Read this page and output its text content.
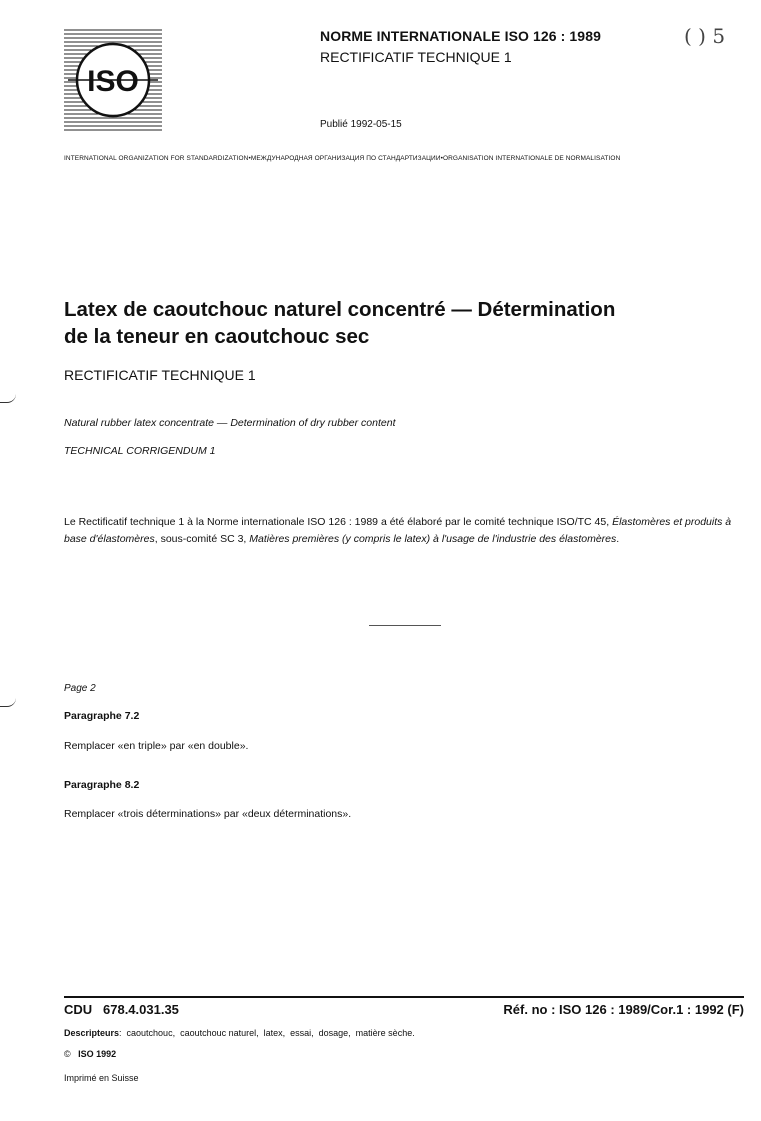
ISO
NORME INTERNATIONALE ISO 126 : 1989
RECTIFICATIF TECHNIQUE 1
( ) 5
Publié 1992-05-15
INTERNATIONAL ORGANIZATION FOR STANDARDIZATION•МЕЖДУНАРОДНАЯ ОРГАНИЗАЦИЯ ПО СТАНДАРТИЗАЦИИ•ORGANISATION INTERNATIONALE DE NORMALISATION
Latex de caoutchouc naturel concentré — Détermination
de la teneur en caoutchouc sec
RECTIFICATIF TECHNIQUE 1
Natural rubber latex concentrate — Determination of dry rubber content
TECHNICAL CORRIGENDUM 1
Le Rectificatif technique 1 à la Norme internationale ISO 126 : 1989 a été élaboré par le comité technique ISO/TC 45, Élastomères et produits à base d'élastomères, sous-comité SC 3, Matières premières (y compris le latex) à l'usage de l'industrie des élastomères.
Page 2
Paragraphe 7.2
Remplacer «en triple» par «en double».
Paragraphe 8.2
Remplacer «trois déterminations» par «deux déterminations».
CDU   678.4.031.35	Réf. no : ISO 126 : 1989/Cor.1 : 1992 (F)
Descripteurs:  caoutchouc,  caoutchouc naturel,  latex,  essai,  dosage,  matière sèche.
© ISO 1992
Imprimé en Suisse
